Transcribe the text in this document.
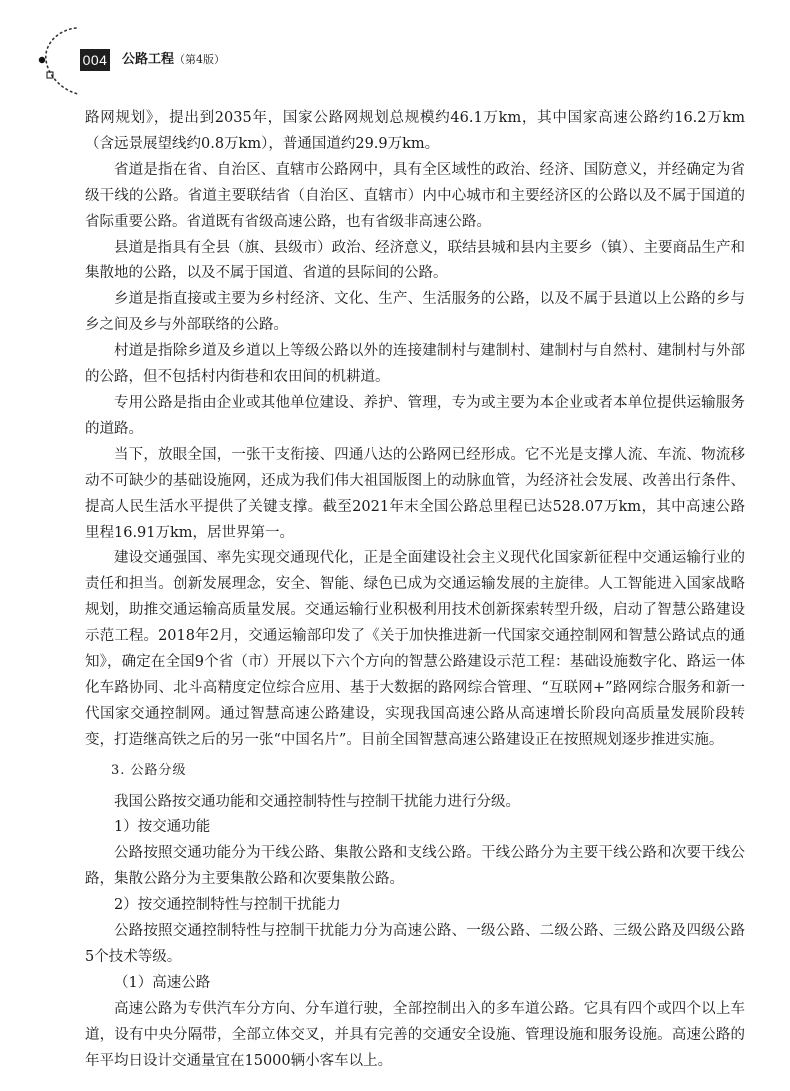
004 公路工程（第4版）

路网规划》，提出到2035年，国家公路网规划总规模约46.1万km，其中国家高速公路约16.2万km（含远景展望线约0.8万km），普通国道约29.9万km。

省道是指在省、自治区、直辖市公路网中，具有全区域性的政治、经济、国防意义，并经确定为省级干线的公路。省道主要联结省（自治区、直辖市）内中心城市和主要经济区的公路以及不属于国道的省际重要公路。省道既有省级高速公路，也有省级非高速公路。

县道是指具有全县（旗、县级市）政治、经济意义，联结县城和县内主要乡（镇）、主要商品生产和集散地的公路，以及不属于国道、省道的县际间的公路。

乡道是指直接或主要为乡村经济、文化、生产、生活服务的公路，以及不属于县道以上公路的乡与乡之间及乡与外部联络的公路。

村道是指除乡道及乡道以上等级公路以外的连接建制村与建制村、建制村与自然村、建制村与外部的公路，但不包括村内街巷和农田间的机耕道。

专用公路是指由企业或其他单位建设、养护、管理，专为或主要为本企业或者本单位提供运输服务的道路。

当下，放眼全国，一张干支衔接、四通八达的公路网已经形成。它不光是支撑人流、车流、物流移动不可缺少的基础设施网，还成为我们伟大祖国版图上的动脉血管，为经济社会发展、改善出行条件、提高人民生活水平提供了关键支撑。截至2021年末全国公路总里程已达528.07万km，其中高速公路里程16.91万km，居世界第一。

建设交通强国、率先实现交通现代化，正是全面建设社会主义现代化国家新征程中交通运输行业的责任和担当。创新发展理念，安全、智能、绿色已成为交通运输发展的主旋律。人工智能进入国家战略规划，助推交通运输高质量发展。交通运输行业积极利用技术创新探索转型升级，启动了智慧公路建设示范工程。2018年2月，交通运输部印发了《关于加快推进新一代国家交通控制网和智慧公路试点的通知》，确定在全国9个省（市）开展以下六个方向的智慧公路建设示范工程：基础设施数字化、路运一体化车路协同、北斗高精度定位综合应用、基于大数据的路网综合管理、“互联网+”路网综合服务和新一代国家交通控制网。通过智慧高速公路建设，实现我国高速公路从高速增长阶段向高质量发展阶段转变，打造继高铁之后的另一张“中国名片”。目前全国智慧高速公路建设正在按照规划逐步推进实施。

3. 公路分级

我国公路按交通功能和交通控制特性与控制干扰能力进行分级。

1）按交通功能

公路按照交通功能分为干线公路、集散公路和支线公路。干线公路分为主要干线公路和次要干线公路，集散公路分为主要集散公路和次要集散公路。

2）按交通控制特性与控制干扰能力

公路按照交通控制特性与控制干扰能力分为高速公路、一级公路、二级公路、三级公路及四级公路5个技术等级。

（1）高速公路

高速公路为专供汽车分方向、分车道行驶，全部控制出入的多车道公路。它具有四个或四个以上车道，设有中央分隔带，全部立体交叉，并具有完善的交通安全设施、管理设施和服务设施。高速公路的年平均日设计交通量宜在15000辆小客车以上。
